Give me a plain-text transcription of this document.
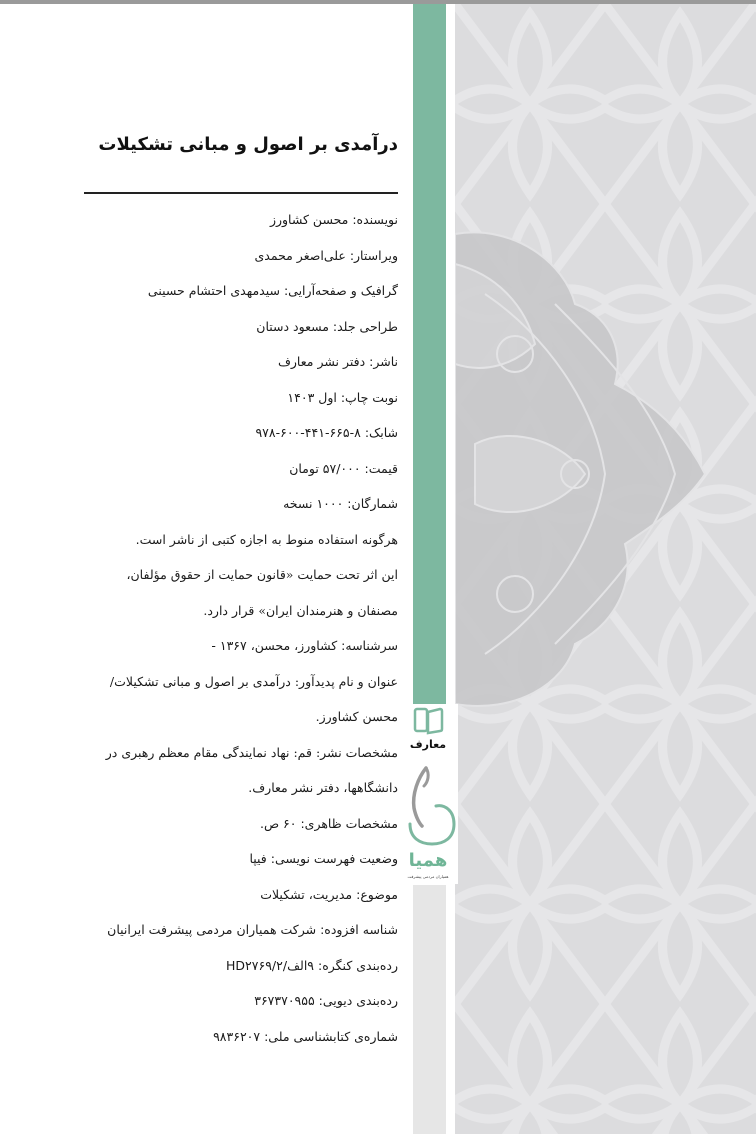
درآمدی بر اصول و مبانی تشکیلات
نویسنده: محسن کشاورز
ویراستار: علی‌اصغر محمدی
گرافیک و صفحه‌آرایی: سیدمهدی احتشام حسینی
طراحی جلد: مسعود دستان
ناشر: دفتر نشر معارف
نوبت چاپ: اول ۱۴۰۳
شابک: ۸-۶۶۵-۴۴۱-۶۰۰-۹۷۸
قیمت: ۵۷/۰۰۰ تومان
شمارگان: ۱۰۰۰ نسخه
هرگونه استفاده منوط به اجازه کتبی از ناشر است.
این اثر تحت حمایت «قانون حمایت از حقوق مؤلفان،
مصنفان و هنرمندان ایران» قرار دارد.
سرشناسه: کشاورز، محسن، ۱۳۶۷ -
عنوان و نام پدیدآور: درآمدی بر اصول و مبانی تشکیلات/
محسن کشاورز.
مشخصات نشر: قم: نهاد نمایندگی مقام معظم رهبری در
دانشگاهها، دفتر نشر معارف.
مشخصات ظاهری: ۶۰ ص.
وضعیت فهرست نویسی: فیپا
موضوع: مدیریت، تشکیلات
شناسه افزوده: شرکت همیاران مردمی پیشرفت ایرانیان
رده‌بندی کنگره: ۹الف/۲/HD۲۷۶۹
رده‌بندی دیویی: ۳۶۷۳۷۰۹۵۵
شماره‌ی کتابشناسی ملی: ۹۸۳۶۲۰۷
معارف
همیا
همیاران مردمی پیشرفت
